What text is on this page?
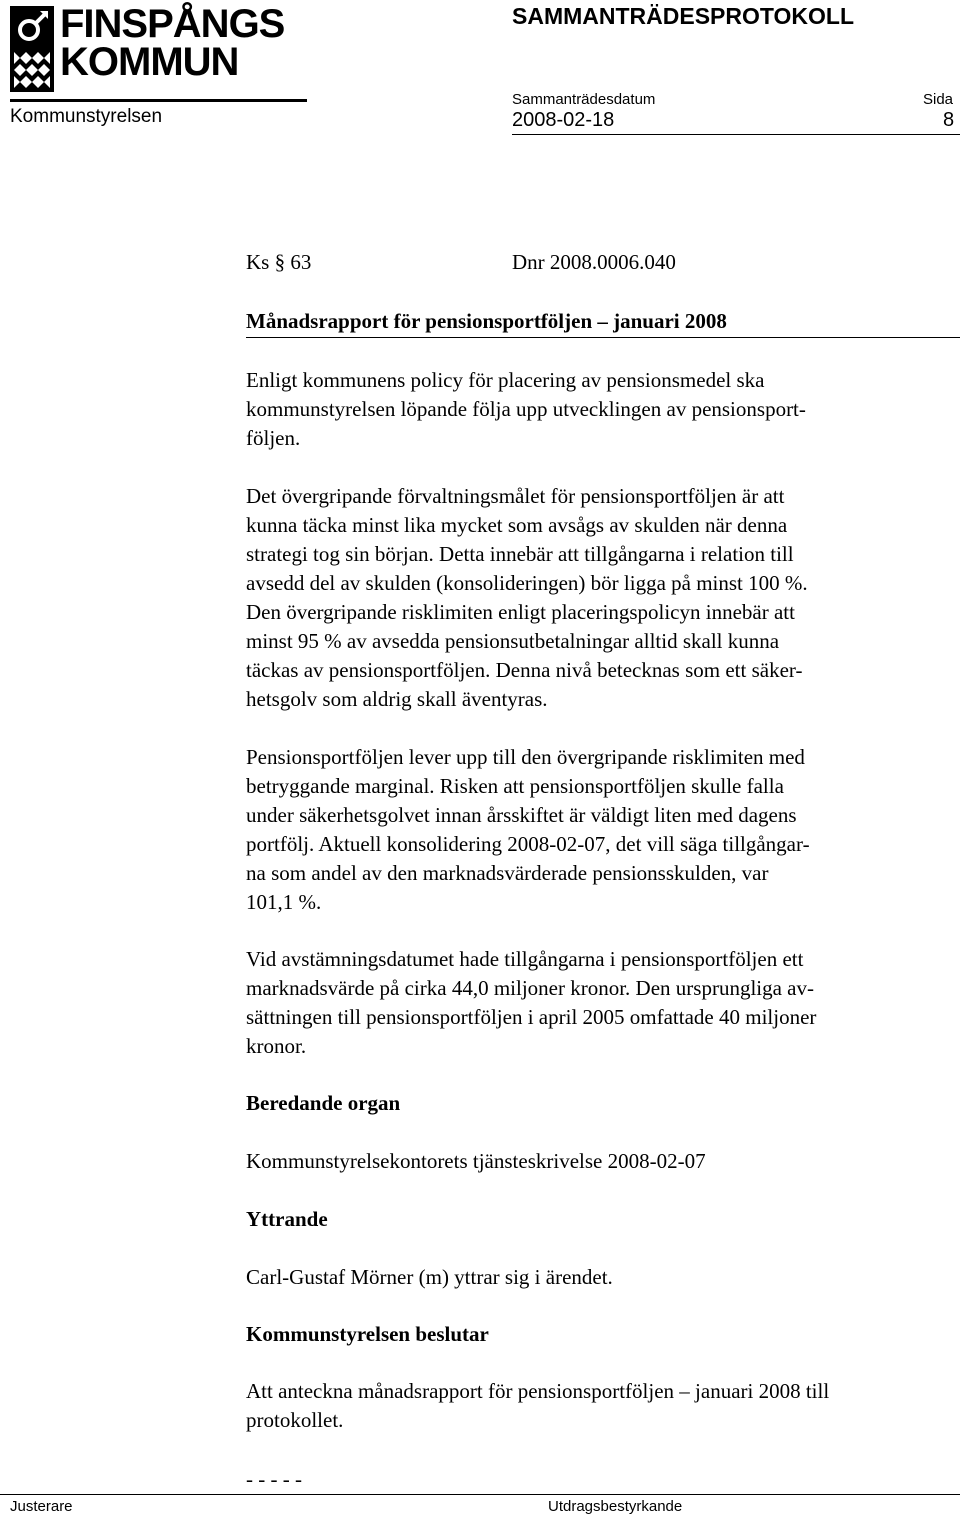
FINSPÅNGS
KOMMUN
Kommunstyrelsen
SAMMANTRÄDESPROTOKOLL
Sammanträdesdatum
2008-02-18
Sida
8
Ks § 63	Dnr 2008.0006.040
Månadsrapport för pensionsportföljen – januari 2008
Enligt kommunens policy för placering av pensionsmedel ska
kommunstyrelsen löpande följa upp utvecklingen av pensionsport-
följen.
Det övergripande förvaltningsmålet för pensionsportföljen är att
kunna täcka minst lika mycket som avsågs av skulden när denna
strategi tog sin början. Detta innebär att tillgångarna i relation till
avsedd del av skulden (konsolideringen) bör ligga på minst 100 %.
Den övergripande risklimiten enligt placeringspolicyn innebär att
minst 95 % av avsedda pensionsutbetalningar alltid skall kunna
täckas av pensionsportföljen. Denna nivå betecknas som ett säker-
hetsgolv som aldrig skall äventyras.
Pensionsportföljen lever upp till den övergripande risklimiten med
betryggande marginal. Risken att pensionsportföljen skulle falla
under säkerhetsgolvet innan årsskiftet är väldigt liten med dagens
portfölj. Aktuell konsolidering 2008-02-07, det vill säga tillgångar-
na som andel av den marknadsvärderade pensionsskulden, var
101,1 %.
Vid avstämningsdatumet hade tillgångarna i pensionsportföljen ett
marknadsvärde på cirka 44,0 miljoner kronor. Den ursprungliga av-
sättningen till pensionsportföljen i april 2005 omfattade 40 miljoner
kronor.
Beredande organ
Kommunstyrelsekontorets tjänsteskrivelse 2008-02-07
Yttrande
Carl-Gustaf Mörner (m) yttrar sig i ärendet.
Kommunstyrelsen beslutar
Att anteckna månadsrapport för pensionsportföljen – januari 2008 till
protokollet.
- - - - -
Justerare	Utdragsbestyrkande
